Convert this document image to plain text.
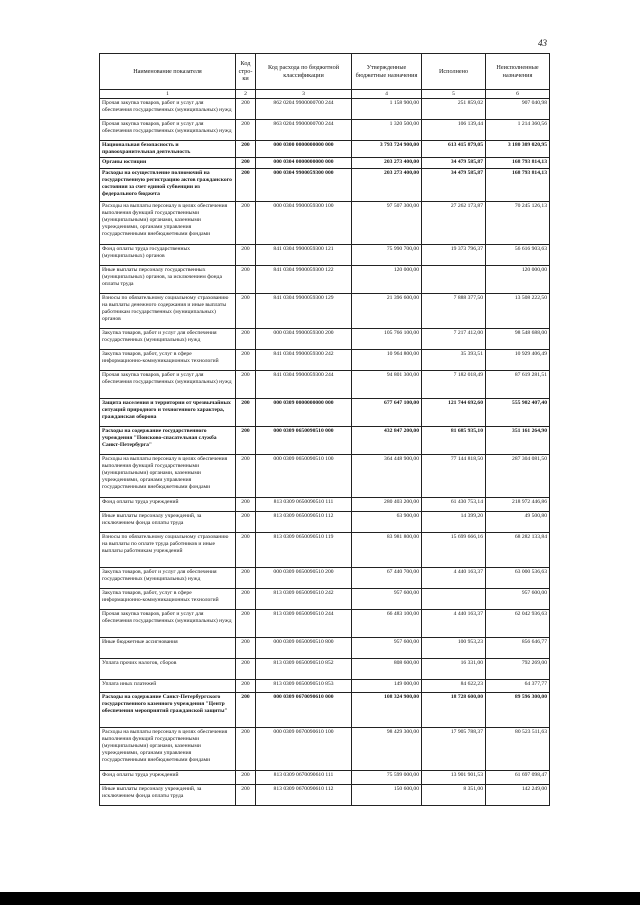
43
Наименование показателя	Код стро-ки	Код расхода по бюджетной классификации	Утвержденные бюджетные назначения	Исполнено	Неисполненные назначения
1	2	3	4	5	6
Прочая закупка товаров, работ и услуг для обеспечения государственных (муниципальных) нужд	200	862 0204 9900000700 244	1 158 900,00	251 859,02	907 040,98
Прочая закупка товаров, работ и услуг для обеспечения государственных (муниципальных) нужд	200	863 0204 9900000700 244	1 320 500,00	106 139,44	1 214 360,56
Национальная безопасность и правоохранительная деятельность	200	000 0300 0000000000 000	3 793 724 900,00	613 415 879,05	3 180 309 020,95
Органы юстиции	200	000 0304 0000000000 000	203 273 400,00	34 479 585,87	168 793 814,13
Расходы на осуществление полномочий на государственную регистрацию актов гражданского состояния за счет единой субвенции из федерального бюджета	200	000 0304 9900059300 000	203 273 400,00	34 479 585,87	168 793 814,13
Расходы на выплаты персоналу в целях обеспечения выполнения функций государственными (муниципальными) органами, казенными учреждениями, органами управления государственными внебюджетными фондами	200	000 0304 9900059300 100	97 507 300,00	27 262 173,87	70 245 126,13
Фонд оплаты труда государственных (муниципальных) органов	200	841 0304 9900059300 121	75 990 700,00	19 373 796,37	56 616 903,63
Иные выплаты персоналу государственных (муниципальных) органов, за исключением фонда оплаты труда	200	841 0304 9900059300 122	120 000,00		120 000,00
Взносы по обязательному социальному страхованию на выплаты денежного содержания и иные выплаты работникам государственных (муниципальных) органов	200	841 0304 9900059300 129	21 396 600,00	7 888 377,50	13 508 222,50
Закупка товаров, работ и услуг для обеспечения государственных (муниципальных) нужд	200	000 0304 9900059300 200	105 766 100,00	7 217 412,00	98 548 688,00
Закупка товаров, работ, услуг в сфере информационно-коммуникационных технологий	200	841 0304 9900059300 242	10 964 800,00	35 393,51	10 929 406,49
Прочая закупка товаров, работ и услуг для обеспечения государственных (муниципальных) нужд	200	841 0304 9900059300 244	94 801 300,00	7 182 018,49	87 619 281,51
Защита населения и территории от чрезвычайных ситуаций природного и техногенного характера, гражданская оборона	200	000 0309 0000000000 000	677 647 100,00	121 744 692,60	555 902 407,40
Расходы на содержание государственного учреждения "Поисково-спасательная служба Санкт-Петербурга"	200	000 0309 0650090510 000	432 847 200,00	81 685 935,10	351 161 264,90
Расходы на выплаты персоналу в целях обеспечения выполнения функций государственными (муниципальными) органами, казенными учреждениями, органами управления государственными внебюджетными фондами	200	000 0309 0650090510 100	364 448 900,00	77 144 818,50	287 304 081,50
Фонд оплаты труда учреждений	200	813 0309 0650090510 111	280 403 200,00	61 430 753,14	218 972 446,86
Иные выплаты персоналу учреждений, за исключением фонда оплаты труда	200	813 0309 0650090510 112	63 900,00	14 399,20	49 500,80
Взносы по обязательному социальному страхованию на выплаты по оплате труда работников и иные выплаты работникам учреждений	200	813 0309 0650090510 119	83 981 800,00	15 699 666,16	68 282 133,84
Закупка товаров, работ и услуг для обеспечения государственных (муниципальных) нужд	200	000 0309 0650090510 200	67 440 700,00	4 440 163,37	63 000 536,63
Закупка товаров, работ, услуг в сфере информационно-коммуникационных технологий	200	813 0309 0650090510 242	957 600,00		957 600,00
Прочая закупка товаров, работ и услуг для обеспечения государственных (муниципальных) нужд	200	813 0309 0650090510 244	66 483 100,00	4 440 163,37	62 042 936,63
Иные бюджетные ассигнования	200	000 0309 0650090510 800	957 600,00	100 953,23	856 646,77
Уплата прочих налогов, сборов	200	813 0309 0650090510 852	808 600,00	16 331,00	792 269,00
Уплата иных платежей	200	813 0309 0650090510 853	149 000,00	84 622,23	64 377,77
Расходы на содержание Санкт-Петербургского государственного казенного учреждения "Центр обеспечения мероприятий гражданской защиты"	200	000 0309 0670090610 000	108 324 900,00	18 728 600,00	89 596 300,00
Расходы на выплаты персоналу в целях обеспечения выполнения функций государственными (муниципальными) органами, казенными учреждениями, органами управления государственными внебюджетными фондами	200	000 0309 0670090610 100	98 429 300,00	17 905 788,37	80 523 511,63
Фонд оплаты труда учреждений	200	813 0309 0670090610 111	75 599 000,00	13 901 901,53	61 697 098,47
Иные выплаты персоналу учреждений, за исключением фонда оплаты труда	200	813 0309 0670090610 112	150 600,00	8 351,00	142 249,00
